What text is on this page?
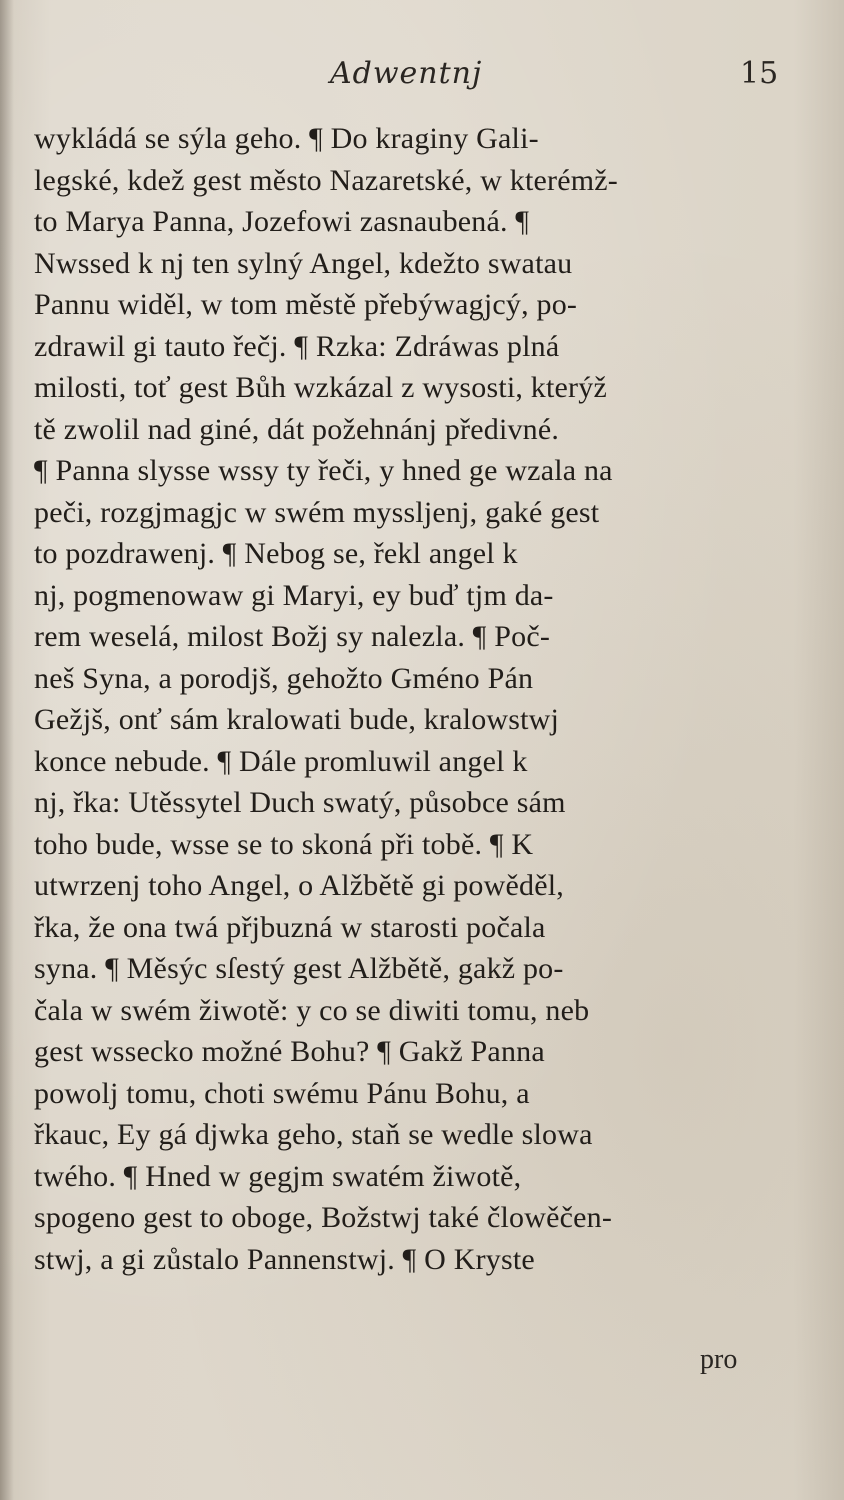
Adwentnj	15
wykládá se sýla geho. ¶ Do kraginy Gali-
legské, kdež gest město Nazaretské, w kterémž-
to Marya Panna, Jozefowi zasnaubená. ¶
Nwssed k nj ten sylný Angel, kdežto swatau
Pannu widěl, w tom městě přebýwagjcý, po-
zdrawil gi tauto řečj. ¶ Rzka: Zdráwas plná
milosti, toť gest Bůh wzkázal z wysosti, kterýž
tě zwolil nad giné, dát požehnánj předivné.
¶ Panna slysse wssy ty řeči, y hned ge wzala na
peči, rozgjmagjc w swém myssljenj, gaké gest
to pozdrawenj. ¶ Nebog se, řekl angel k
nj, pogmenowaw gi Maryi, ey buď tjm da-
rem weselá, milost Božj sy nalezla. ¶ Poč-
neš Syna, a porodjš, gehožto Gméno Pán
Gežjš, onť sám kralowati bude, kralowstwj
konce nebude. ¶ Dále promluwil angel k
nj, řka: Utěssytel Duch swatý, působce sám
toho bude, wsse se to skoná při tobě. ¶ K
utwrzenj toho Angel, o Alžbětě gi powěděl,
řka, že ona twá přjbuzná w starosti počala
syna. ¶ Měsýc sſestý gest Alžbětě, gakž po-
čala w swém žiwotě: y co se diwiti tomu, neb
gest wsseckо možné Bohu? ¶ Gakž Panna
powolj tomu, choti swému Pánu Bohu, a
řkauc, Ey gá djwka geho, staň se wedle slowa
twého. ¶ Hned w gegjm swatém žiwotě,
spogeno gest to oboge, Božstwj také člowěčen-
stwj, a gi zůstalo Pannenstwj. ¶ O Kryste
pro
